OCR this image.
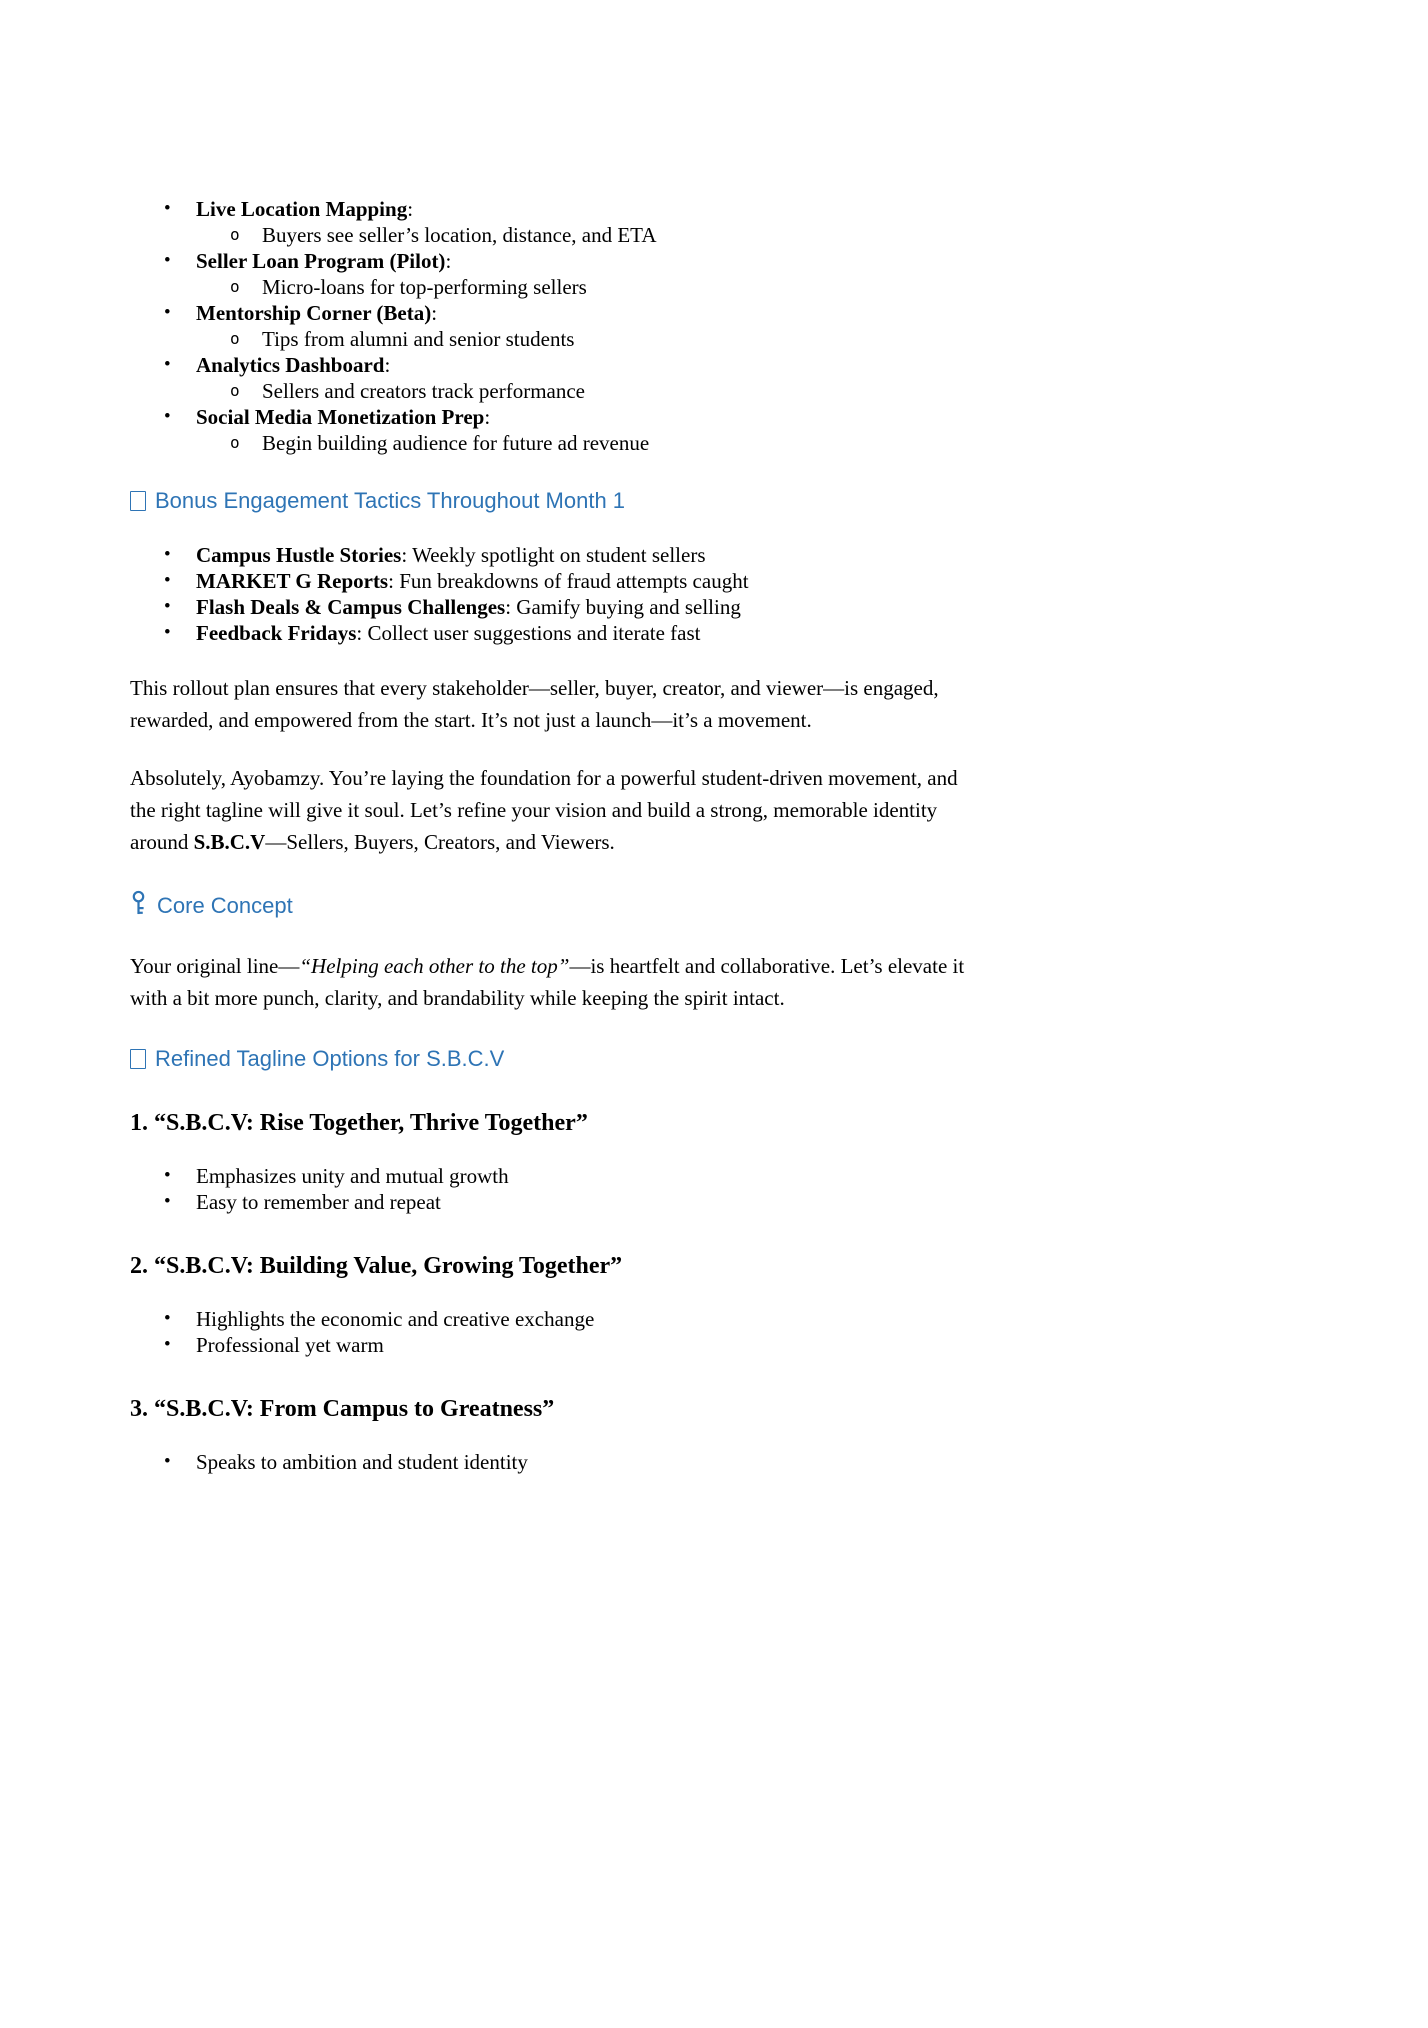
•	Live Location Mapping:
o	Buyers see seller’s location, distance, and ETA
•	Seller Loan Program (Pilot):
o	Micro-loans for top-performing sellers
•	Mentorship Corner (Beta):
o	Tips from alumni and senior students
•	Analytics Dashboard:
o	Sellers and creators track performance
•	Social Media Monetization Prep:
o	Begin building audience for future ad revenue
Bonus Engagement Tactics Throughout Month 1
•	Campus Hustle Stories: Weekly spotlight on student sellers
•	MARKET G Reports: Fun breakdowns of fraud attempts caught
•	Flash Deals & Campus Challenges: Gamify buying and selling
•	Feedback Fridays: Collect user suggestions and iterate fast

This rollout plan ensures that every stakeholder—seller, buyer, creator, and viewer—is engaged, rewarded, and empowered from the start. It’s not just a launch—it’s a movement.

Absolutely, Ayobamzy. You’re laying the foundation for a powerful student-driven movement, and the right tagline will give it soul. Let’s refine your vision and build a strong, memorable identity around S.B.C.V—Sellers, Buyers, Creators, and Viewers.

Core Concept

Your original line—“Helping each other to the top”—is heartfelt and collaborative. Let’s elevate it with a bit more punch, clarity, and brandability while keeping the spirit intact.

Refined Tagline Options for S.B.C.V
1. “S.B.C.V: Rise Together, Thrive Together”
•	Emphasizes unity and mutual growth
•	Easy to remember and repeat
2. “S.B.C.V: Building Value, Growing Together”
•	Highlights the economic and creative exchange
•	Professional yet warm
3. “S.B.C.V: From Campus to Greatness”
•	Speaks to ambition and student identity
